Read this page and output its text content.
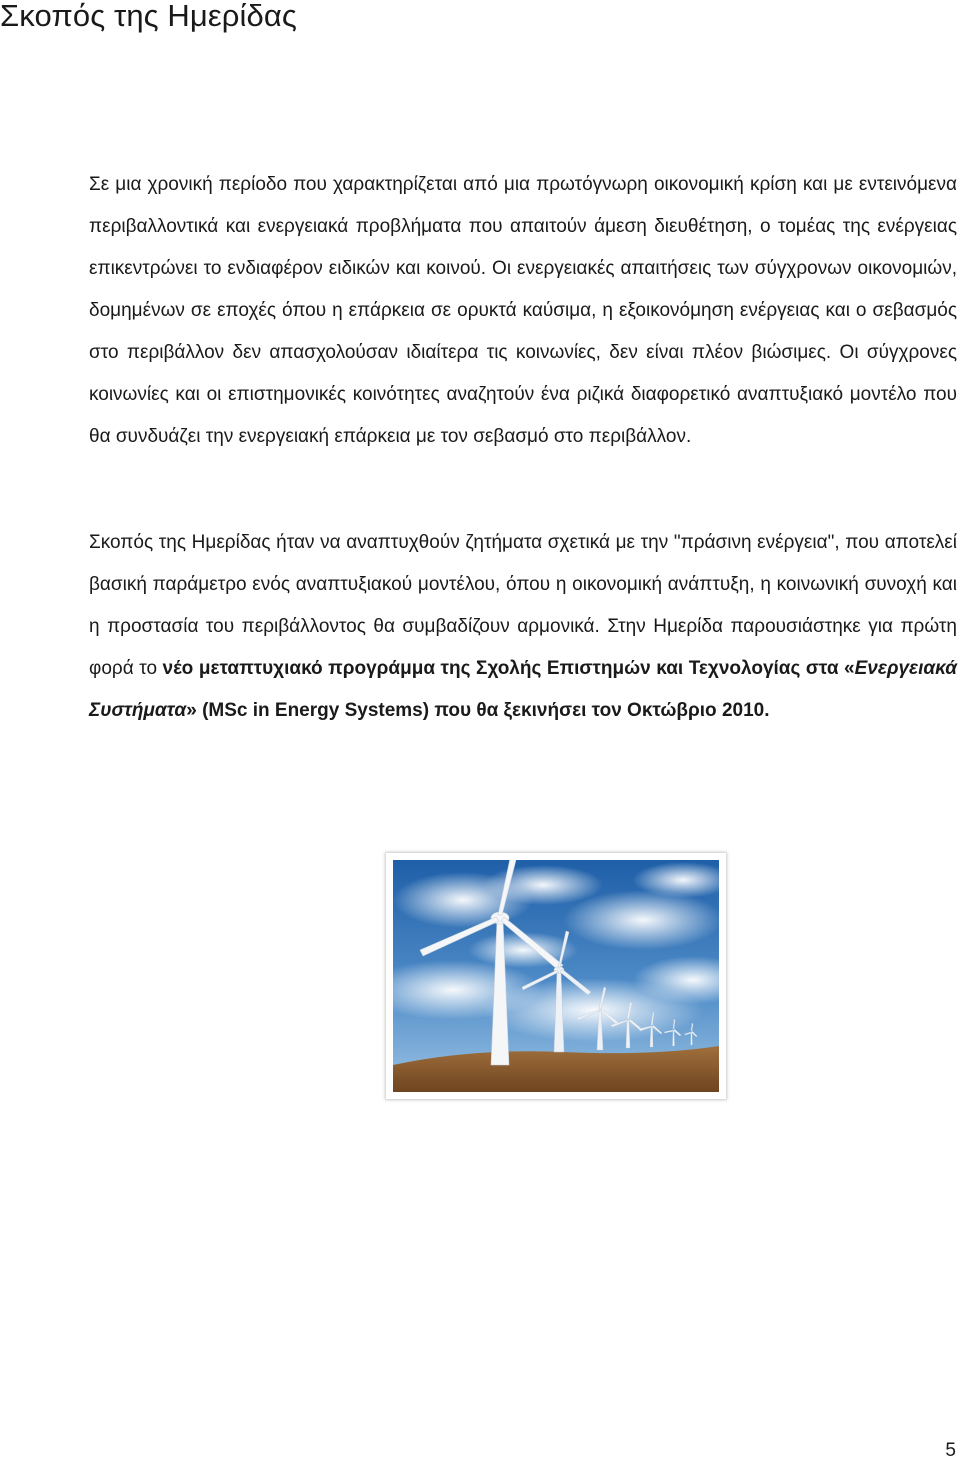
Σκοπός της Ημερίδας

Σε μια χρονική περίοδο που χαρακτηρίζεται από μια πρωτόγνωρη οικονομική κρίση και με εντεινόμενα περιβαλλοντικά και ενεργειακά προβλήματα που απαιτούν άμεση διευθέτηση, ο τομέας της ενέργειας επικεντρώνει το ενδιαφέρον ειδικών και κοινού. Οι ενεργειακές απαιτήσεις των σύγχρονων οικονομιών, δομημένων σε εποχές όπου η επάρκεια σε ορυκτά καύσιμα, η εξοικονόμηση ενέργειας και ο σεβασμός στο περιβάλλον δεν απασχολούσαν ιδιαίτερα τις κοινωνίες, δεν είναι πλέον βιώσιμες. Οι σύγχρονες κοινωνίες και οι επιστημονικές κοινότητες αναζητούν ένα ριζικά διαφορετικό αναπτυξιακό μοντέλο που θα συνδυάζει την ενεργειακή επάρκεια με τον σεβασμό στο περιβάλλον.

Σκοπός της Ημερίδας ήταν να αναπτυχθούν ζητήματα σχετικά με την "πράσινη ενέργεια", που αποτελεί βασική παράμετρο ενός αναπτυξιακού μοντέλου, όπου η οικονομική ανάπτυξη, η κοινωνική συνοχή και η προστασία του περιβάλλοντος θα συμβαδίζουν αρμονικά. Στην Ημερίδα παρουσιάστηκε για πρώτη φορά το νέο μεταπτυχιακό προγράμμα της Σχολής Επιστημών και Τεχνολογίας στα «Ενεργειακά Συστήματα» (MSc in Energy Systems) που θα ξεκινήσει τον Οκτώβριο 2010.

5
